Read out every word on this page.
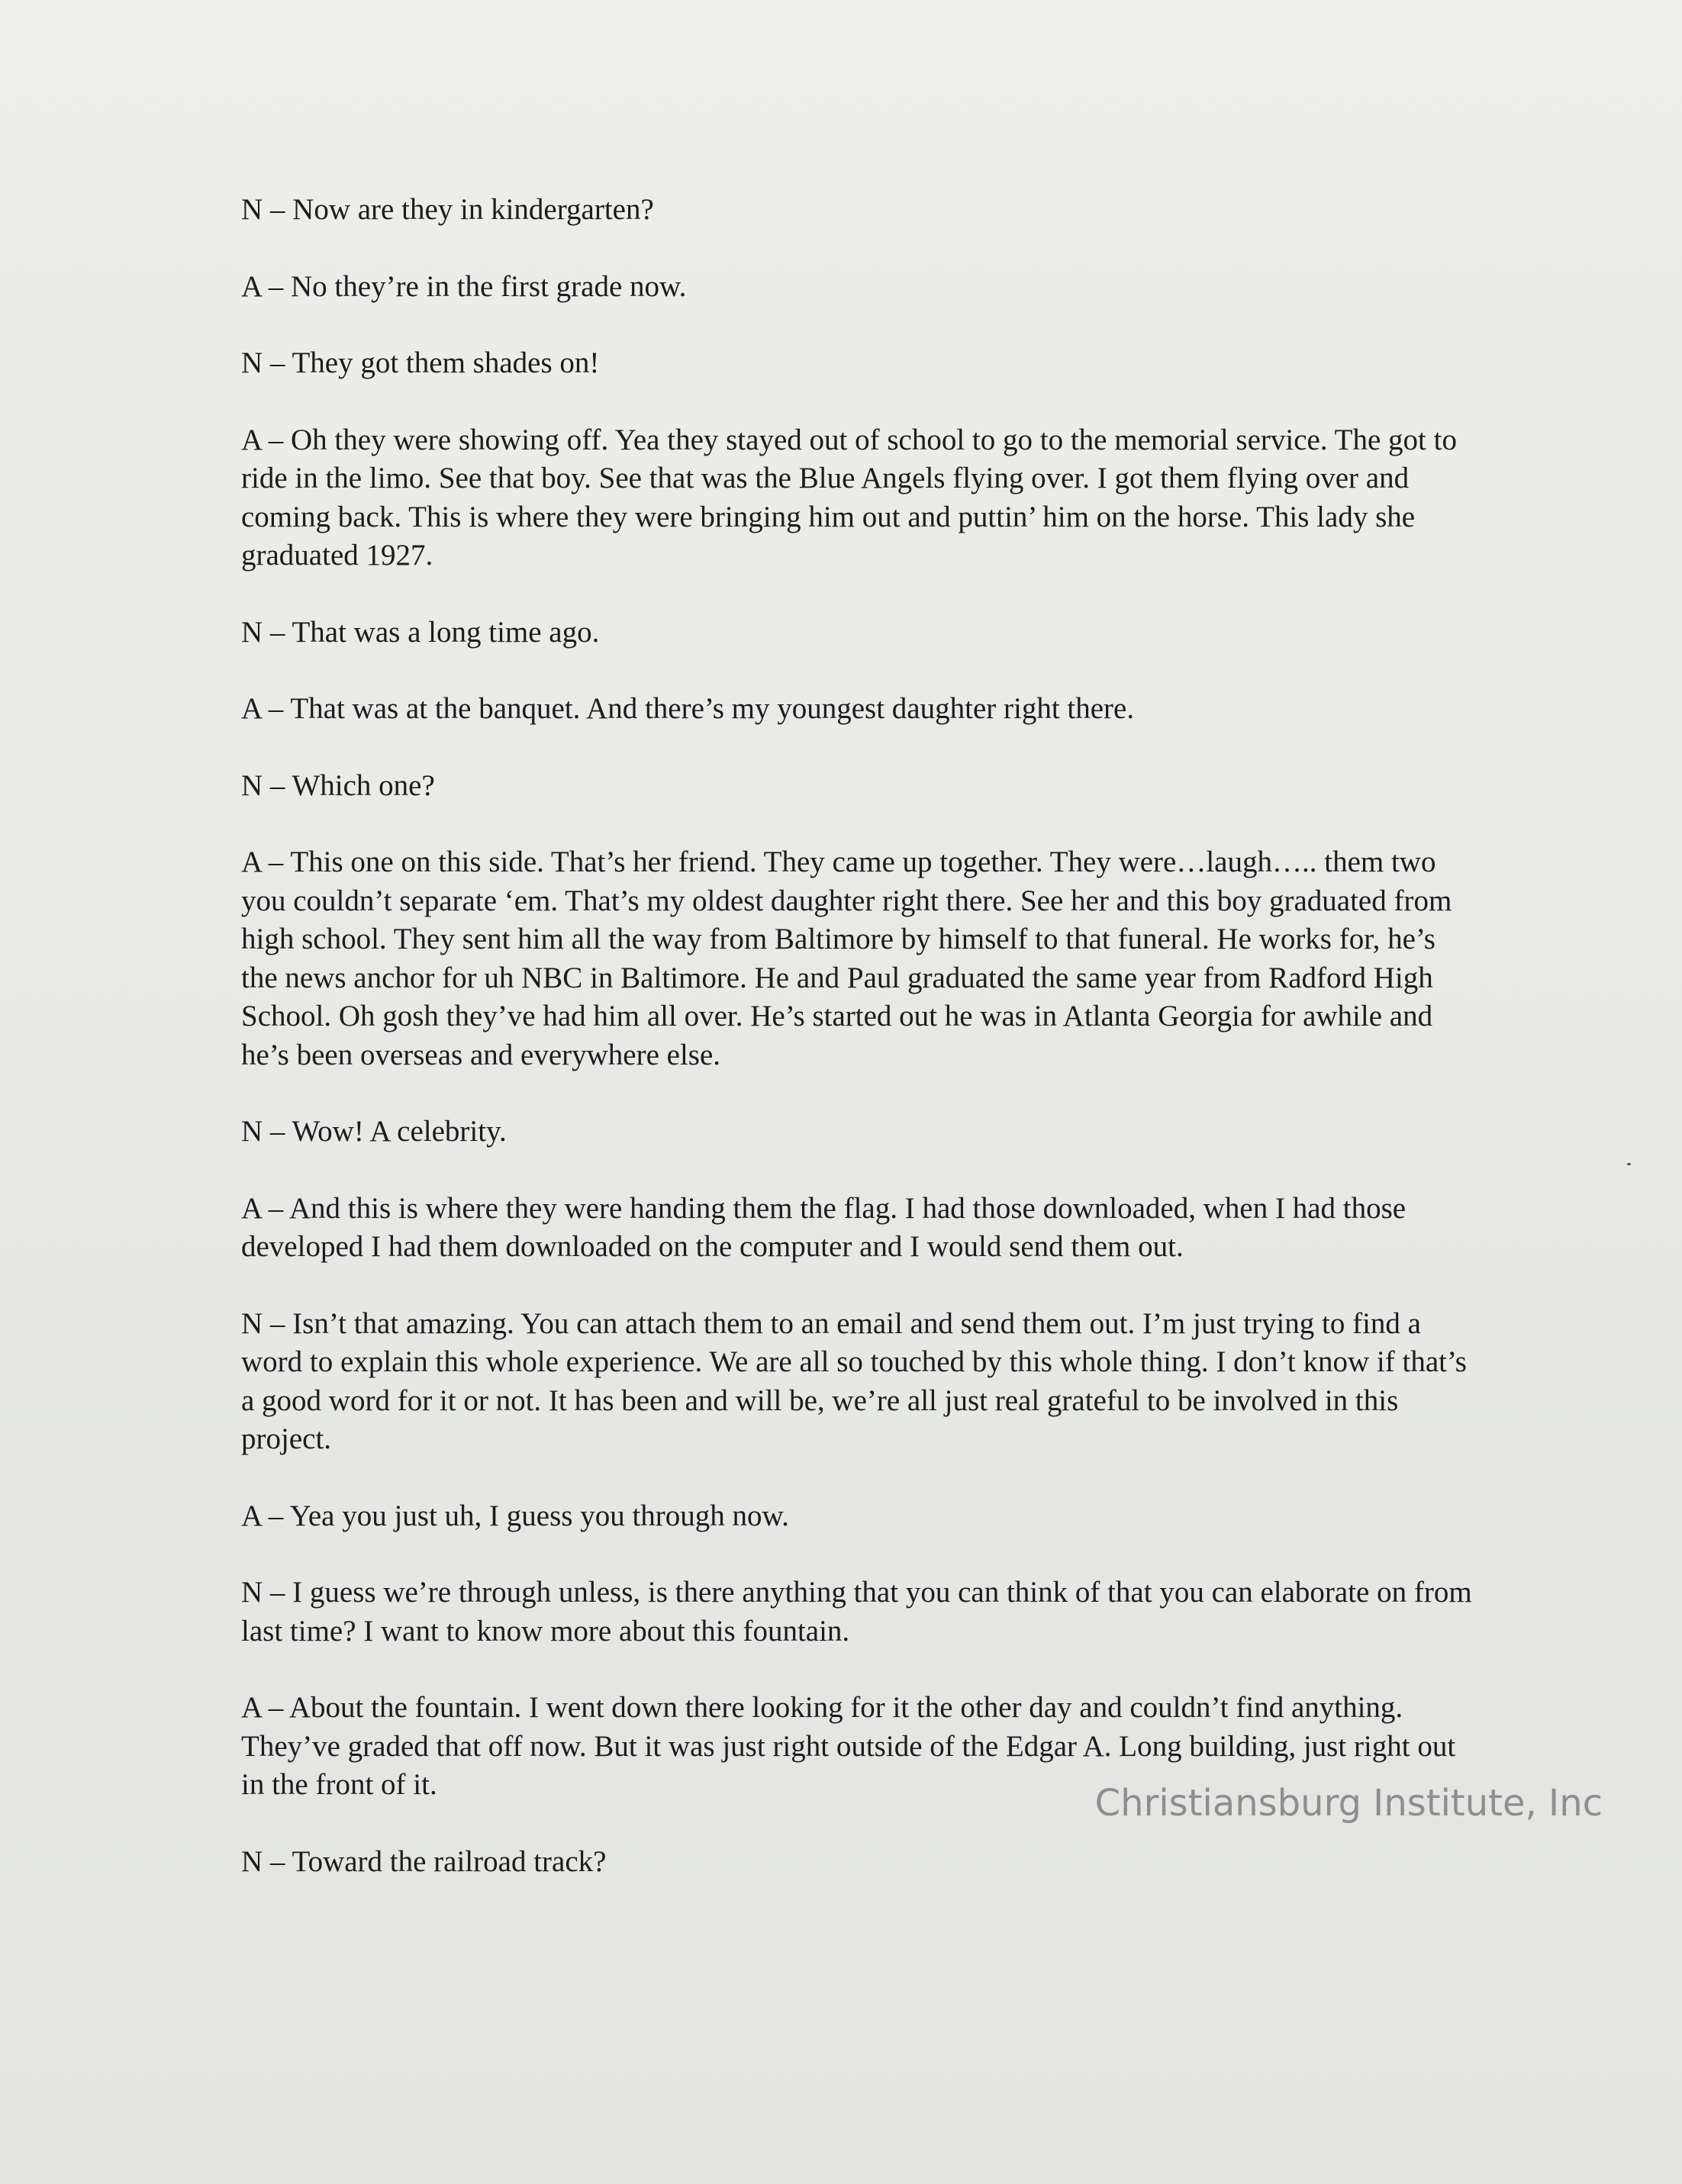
N – Now are they in kindergarten?

A – No they’re in the first grade now.

N – They got them shades on!

A – Oh they were showing off. Yea they stayed out of school to go to the memorial service. The got to ride in the limo. See that boy. See that was the Blue Angels flying over. I got them flying over and coming back. This is where they were bringing him out and puttin’ him on the horse. This lady she graduated 1927.

N – That was a long time ago.

A – That was at the banquet. And there’s my youngest daughter right there.

N – Which one?

A – This one on this side. That’s her friend. They came up together. They were…laugh….. them two you couldn’t separate ‘em. That’s my oldest daughter right there. See her and this boy graduated from high school. They sent him all the way from Baltimore by himself to that funeral. He works for, he’s the news anchor for uh NBC in Baltimore. He and Paul graduated the same year from Radford High School. Oh gosh they’ve had him all over. He’s started out he was in Atlanta Georgia for awhile and he’s been overseas and everywhere else.

N – Wow! A celebrity.

A – And this is where they were handing them the flag. I had those downloaded, when I had those developed I had them downloaded on the computer and I would send them out.

N – Isn’t that amazing. You can attach them to an email and send them out. I’m just trying to find a word to explain this whole experience. We are all so touched by this whole thing. I don’t know if that’s a good word for it or not. It has been and will be, we’re all just real grateful to be involved in this project.

A – Yea you just uh, I guess you through now.

N – I guess we’re through unless, is there anything that you can think of that you can elaborate on from last time? I want to know more about this fountain.

A – About the fountain. I went down there looking for it the other day and couldn’t find anything. They’ve graded that off now. But it was just right outside of the Edgar A. Long building, just right out in the front of it.

N – Toward the railroad track?

Christiansburg Institute, Inc
